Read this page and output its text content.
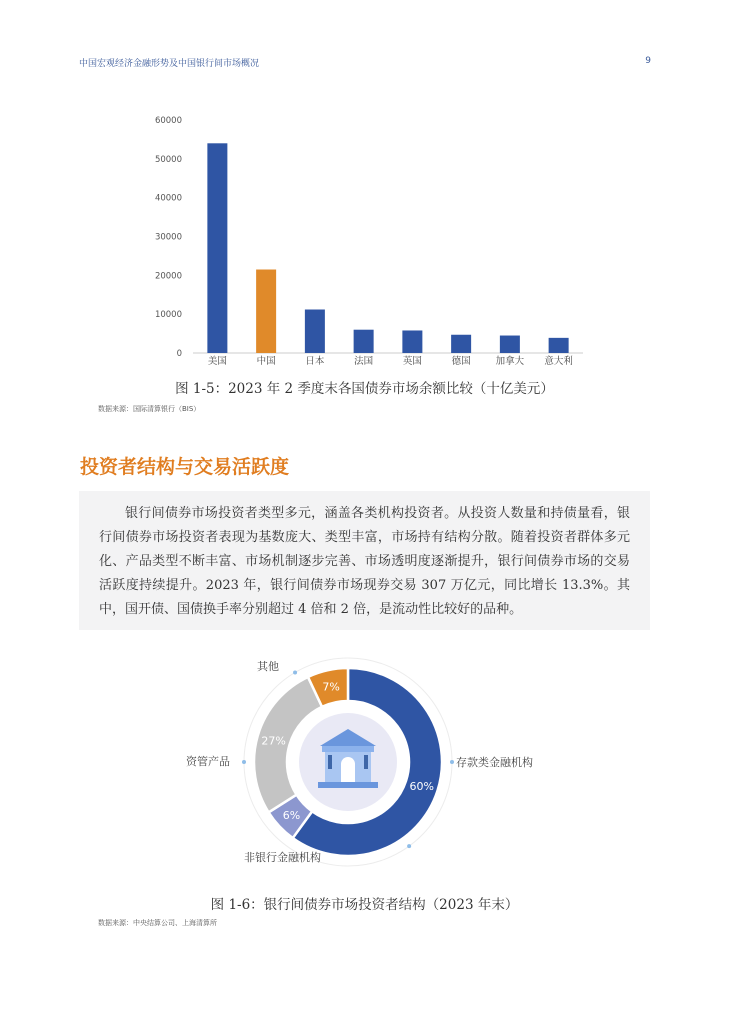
中国宏观经济金融形势及中国银行间市场概况	9
0
10000
20000
30000
40000
50000
60000
美国	中国	日本	法国	英国	德国	加拿大 意大利
图 1-5：2023 年 2 季度末各国债券市场余额比较（十亿美元）
数据来源：国际清算银行（BIS）
投资者结构与交易活跃度

银行间债券市场投资者类型多元，涵盖各类机构投资者。从投资人数量和持债量看，银行间债券市场投资者表现为基数庞大、类型丰富，市场持有结构分散。随着投资者群体多元化、产品类型不断丰富、市场机制逐步完善、市场透明度逐渐提升，银行间债券市场的交易活跃度持续提升。2023 年，银行间债券市场现券交易 307 万亿元，同比增长 13.3%。其中，国开债、国债换手率分别超过 4 倍和 2 倍，是流动性比较好的品种。

60%
6%
27%
7%
存款类金融机构
非银行金融机构
资管产品
其他
图 1-6：银行间债券市场投资者结构（2023 年末）
数据来源：中央结算公司、上海清算所
